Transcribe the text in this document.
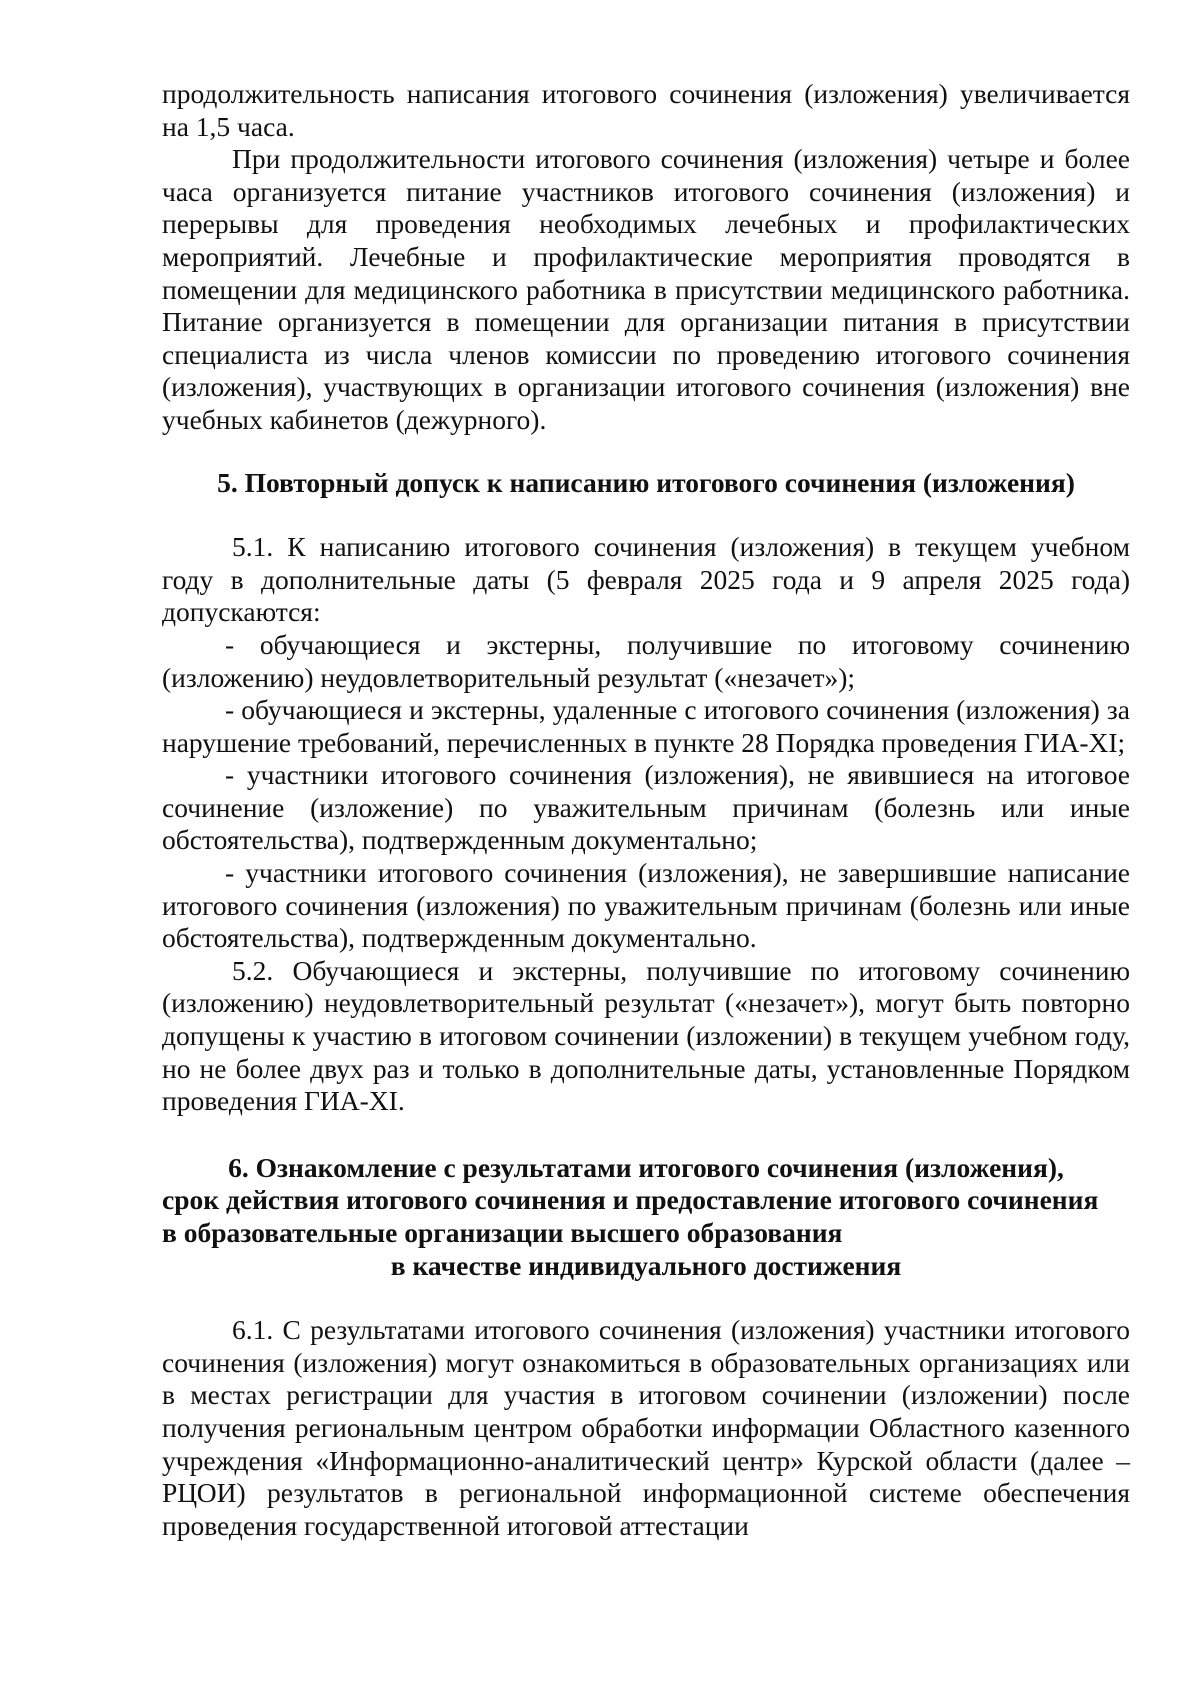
продолжительность написания итогового сочинения (изложения) увеличивается на 1,5 часа.

При продолжительности итогового сочинения (изложения) четыре и более часа организуется питание участников итогового сочинения (изложения) и перерывы для проведения необходимых лечебных и профилактических мероприятий. Лечебные и профилактические мероприятия проводятся в помещении для медицинского работника в присутствии медицинского работника. Питание организуется в помещении для организации питания в присутствии специалиста из числа членов комиссии по проведению итогового сочинения (изложения), участвующих в организации итогового сочинения (изложения) вне учебных кабинетов (дежурного).

5. Повторный допуск к написанию итогового сочинения (изложения)

5.1. К написанию итогового сочинения (изложения) в текущем учебном году в дополнительные даты (5 февраля 2025 года и 9 апреля 2025 года) допускаются:

- обучающиеся и экстерны, получившие по итоговому сочинению (изложению) неудовлетворительный результат («незачет»);

- обучающиеся и экстерны, удаленные с итогового сочинения (изложения) за нарушение требований, перечисленных в пункте 28 Порядка проведения ГИА-XI;

- участники итогового сочинения (изложения), не явившиеся на итоговое сочинение (изложение) по уважительным причинам (болезнь или иные обстоятельства), подтвержденным документально;

- участники итогового сочинения (изложения), не завершившие написание итогового сочинения (изложения) по уважительным причинам (болезнь или иные обстоятельства), подтвержденным документально.

5.2. Обучающиеся и экстерны, получившие по итоговому сочинению (изложению) неудовлетворительный результат («незачет»), могут быть повторно допущены к участию в итоговом сочинении (изложении) в текущем учебном году, но не более двух раз и только в дополнительные даты, установленные Порядком проведения ГИА-XI.

6. Ознакомление с результатами итогового сочинения (изложения),
срок действия итогового сочинения и предоставление итогового сочинения
в образовательные организации высшего образования
в качестве индивидуального достижения

6.1. С результатами итогового сочинения (изложения) участники итогового сочинения (изложения) могут ознакомиться в образовательных организациях или в местах регистрации для участия в итоговом сочинении (изложении) после получения региональным центром обработки информации Областного казенного учреждения «Информационно-аналитический центр» Курской области (далее – РЦОИ) результатов в региональной информационной системе обеспечения проведения государственной итоговой аттестации
